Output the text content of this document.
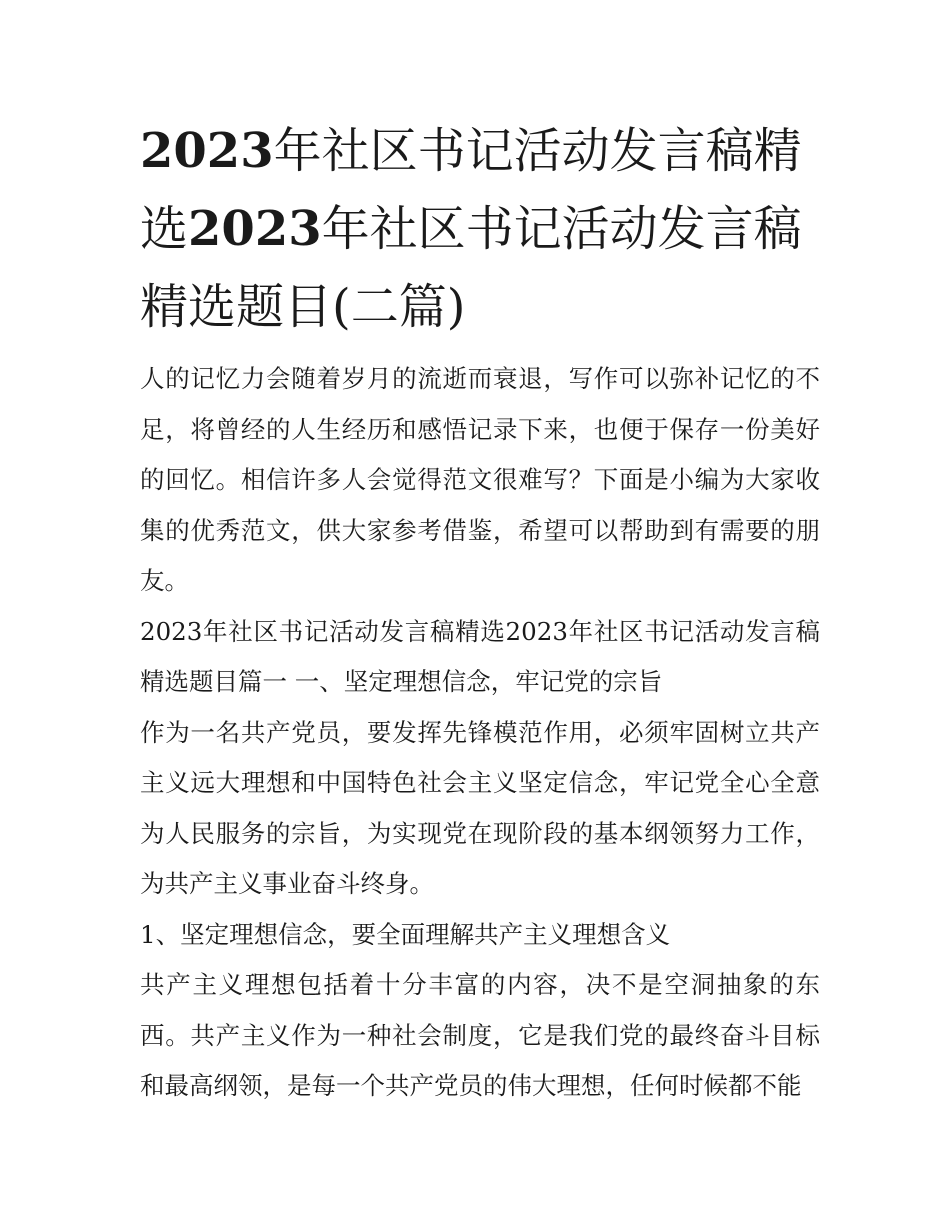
2023年社区书记活动发言稿精选2023年社区书记活动发言稿精选题目(二篇)

人的记忆力会随着岁月的流逝而衰退，写作可以弥补记忆的不足，将曾经的人生经历和感悟记录下来，也便于保存一份美好的回忆。相信许多人会觉得范文很难写？下面是小编为大家收集的优秀范文，供大家参考借鉴，希望可以帮助到有需要的朋友。

2023年社区书记活动发言稿精选2023年社区书记活动发言稿精选题目篇一 一、坚定理想信念，牢记党的宗旨

作为一名共产党员，要发挥先锋模范作用，必须牢固树立共产主义远大理想和中国特色社会主义坚定信念，牢记党全心全意为人民服务的宗旨，为实现党在现阶段的基本纲领努力工作，为共产主义事业奋斗终身。

1、坚定理想信念，要全面理解共产主义理想含义

共产主义理想包括着十分丰富的内容，决不是空洞抽象的东西。共产主义作为一种社会制度，它是我们党的最终奋斗目标和最高纲领，是每一个共产党员的伟大理想，任何时候都不能
